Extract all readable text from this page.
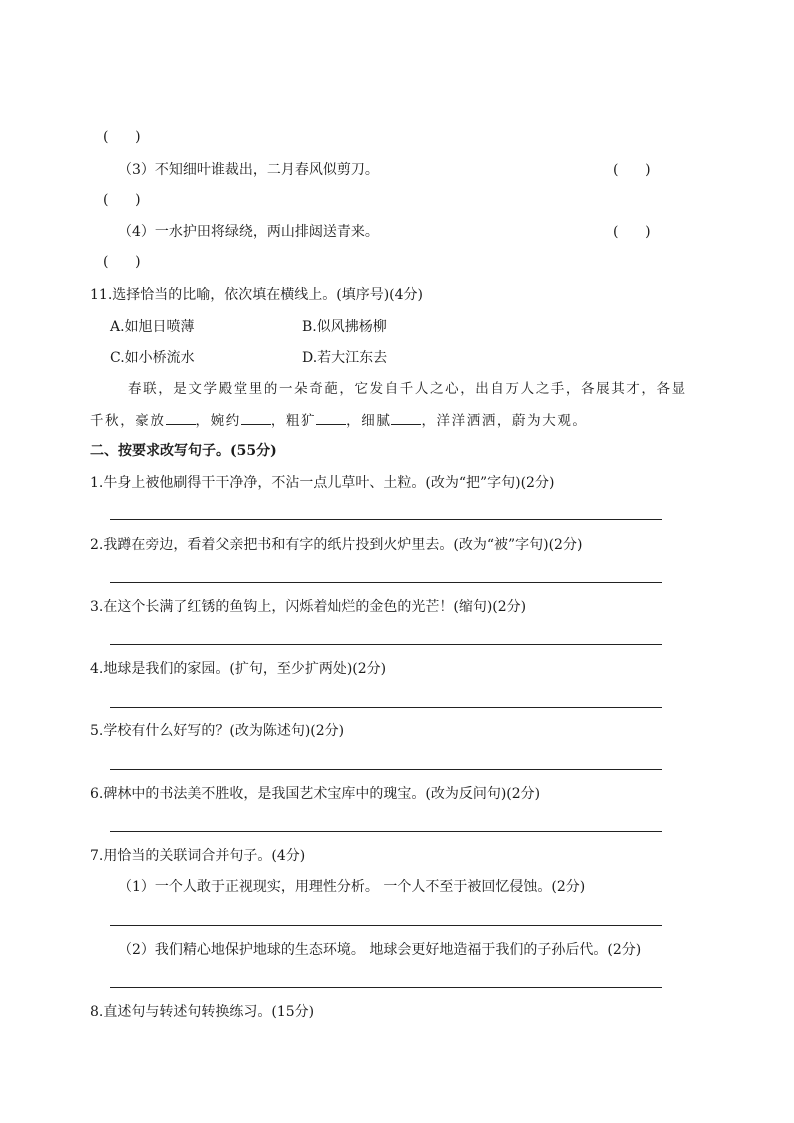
(      )
（3）不知细叶谁裁出，二月春风似剪刀。	(      )
(      )
（4）一水护田将绿绕，两山排闼送青来。	(      )
(      )
11.选择恰当的比喻，依次填在横线上。(填序号)(4分)
A.如旭日喷薄	B.似风拂杨柳
C.如小桥流水	D.若大江东去
春联，是文学殿堂里的一朵奇葩，它发自千人之心，出自万人之手，各展其才，各显
千秋，豪放 ，婉约 ，粗犷 ，细腻 ，洋洋洒洒，蔚为大观。
二、按要求改写句子。(55分)
1.牛身上被他刷得干干净净，不沾一点儿草叶、土粒。(改为“把”字句)(2分)
2.我蹲在旁边，看着父亲把书和有字的纸片投到火炉里去。(改为“被”字句)(2分)
3.在这个长满了红锈的鱼钩上，闪烁着灿烂的金色的光芒！(缩句)(2分)
4.地球是我们的家园。(扩句，至少扩两处)(2分)
5.学校有什么好写的？(改为陈述句)(2分)
6.碑林中的书法美不胜收，是我国艺术宝库中的瑰宝。(改为反问句)(2分)
7.用恰当的关联词合并句子。(4分)
（1）一个人敢于正视现实，用理性分析。 一个人不至于被回忆侵蚀。(2分)
（2）我们精心地保护地球的生态环境。 地球会更好地造福于我们的子孙后代。(2分)
8.直述句与转述句转换练习。(15分)
